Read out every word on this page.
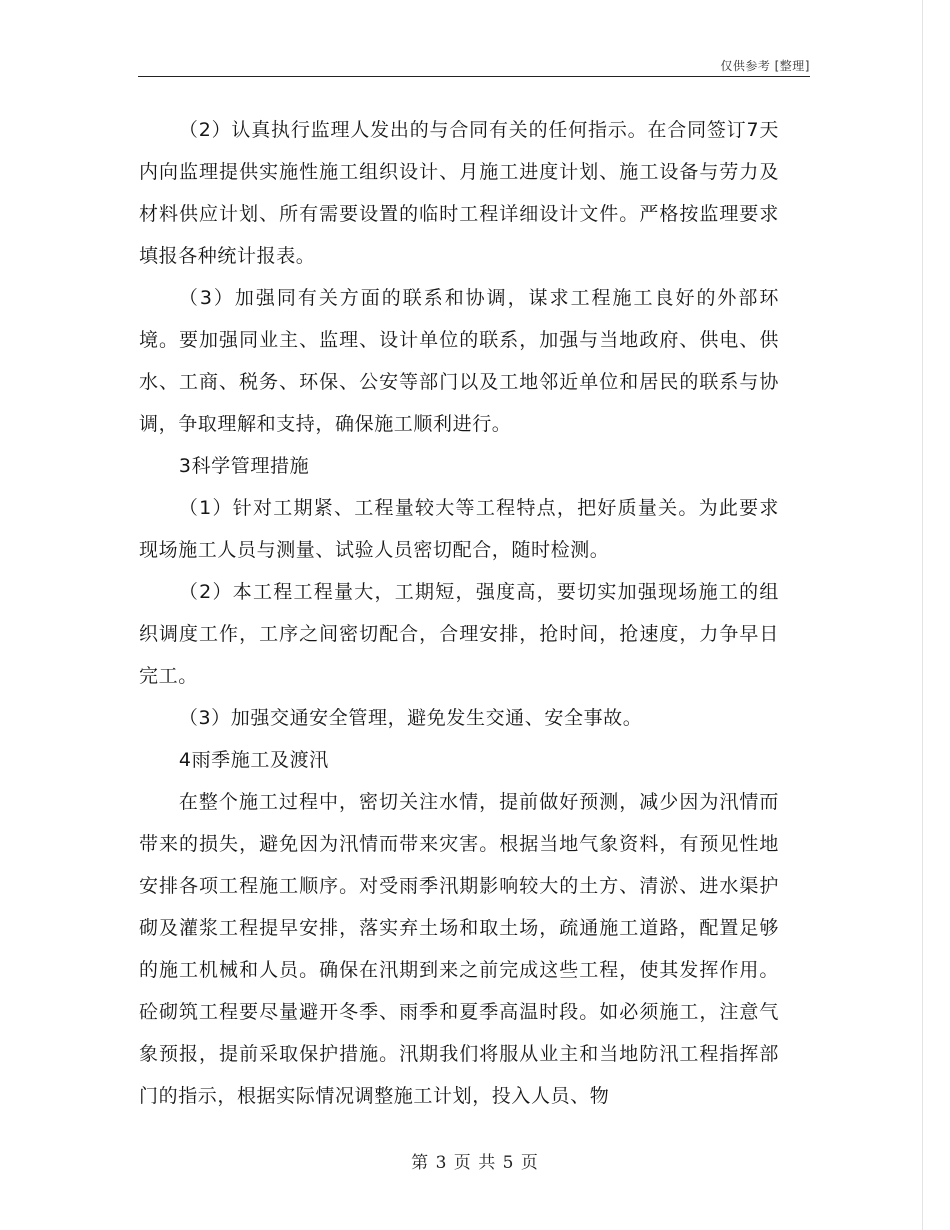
仅供参考 [整理]

（2）认真执行监理人发出的与合同有关的任何指示。在合同签订7天内向监理提供实施性施工组织设计、月施工进度计划、施工设备与劳力及材料供应计划、所有需要设置的临时工程详细设计文件。严格按监理要求填报各种统计报表。

（3）加强同有关方面的联系和协调，谋求工程施工良好的外部环境。要加强同业主、监理、设计单位的联系，加强与当地政府、供电、供水、工商、税务、环保、公安等部门以及工地邻近单位和居民的联系与协调，争取理解和支持，确保施工顺利进行。

3科学管理措施

（1）针对工期紧、工程量较大等工程特点，把好质量关。为此要求现场施工人员与测量、试验人员密切配合，随时检测。

（2）本工程工程量大，工期短，强度高，要切实加强现场施工的组织调度工作，工序之间密切配合，合理安排，抢时间，抢速度，力争早日完工。

（3）加强交通安全管理，避免发生交通、安全事故。

4雨季施工及渡汛

在整个施工过程中，密切关注水情，提前做好预测，减少因为汛情而带来的损失，避免因为汛情而带来灾害。根据当地气象资料，有预见性地安排各项工程施工顺序。对受雨季汛期影响较大的土方、清淤、进水渠护砌及灌浆工程提早安排，落实弃土场和取土场，疏通施工道路，配置足够的施工机械和人员。确保在汛期到来之前完成这些工程，使其发挥作用。砼砌筑工程要尽量避开冬季、雨季和夏季高温时段。如必须施工，注意气象预报，提前采取保护措施。汛期我们将服从业主和当地防汛工程指挥部门的指示，根据实际情况调整施工计划，投入人员、物

第 3 页 共 5 页
